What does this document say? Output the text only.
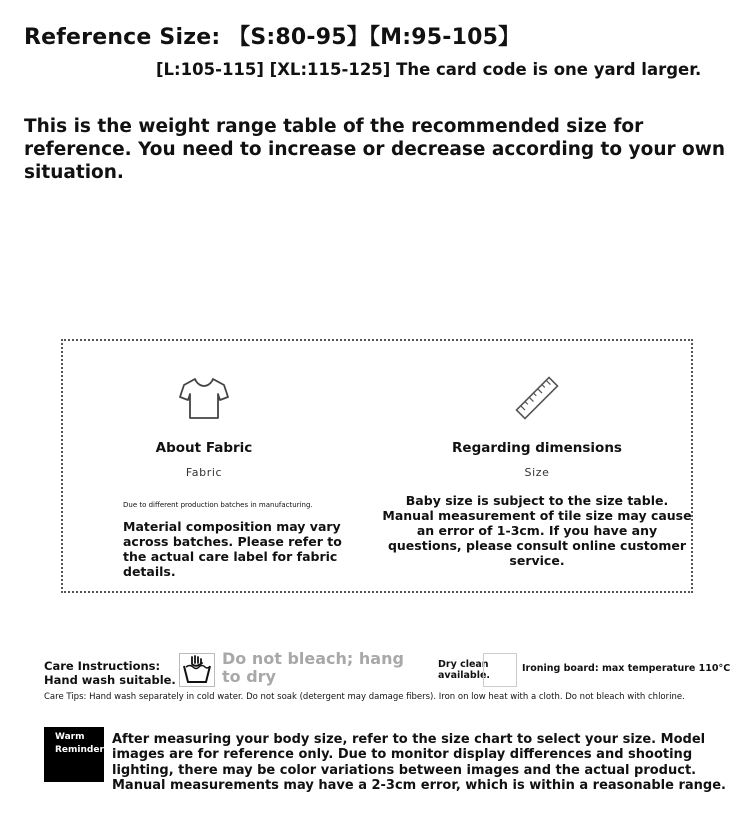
Reference Size: 【S:80-95】【M:95-105】
[L:105-115] [XL:115-125] The card code is one yard larger.
This is the weight range table of the recommended size for reference. You need to increase or decrease according to your own situation.
About Fabric
Fabric
Due to different production batches in manufacturing.
Material composition may vary across batches. Please refer to the actual care label for fabric details.
Regarding dimensions
Size
Baby size is subject to the size table. Manual measurement of tile size may cause an error of 1-3cm. If you have any questions, please consult online customer service.
Care Instructions:
Hand wash suitable.
Do not bleach; hang to dry
Dry clean
available.
Ironing board: max temperature 110°C
Care Tips: Hand wash separately in cold water. Do not soak (detergent may damage fibers). Iron on low heat with a cloth. Do not bleach with chlorine.
Warm
Reminder
After measuring your body size, refer to the size chart to select your size. Model images are for reference only. Due to monitor display differences and shooting lighting, there may be color variations between images and the actual product. Manual measurements may have a 2-3cm error, which is within a reasonable range.
